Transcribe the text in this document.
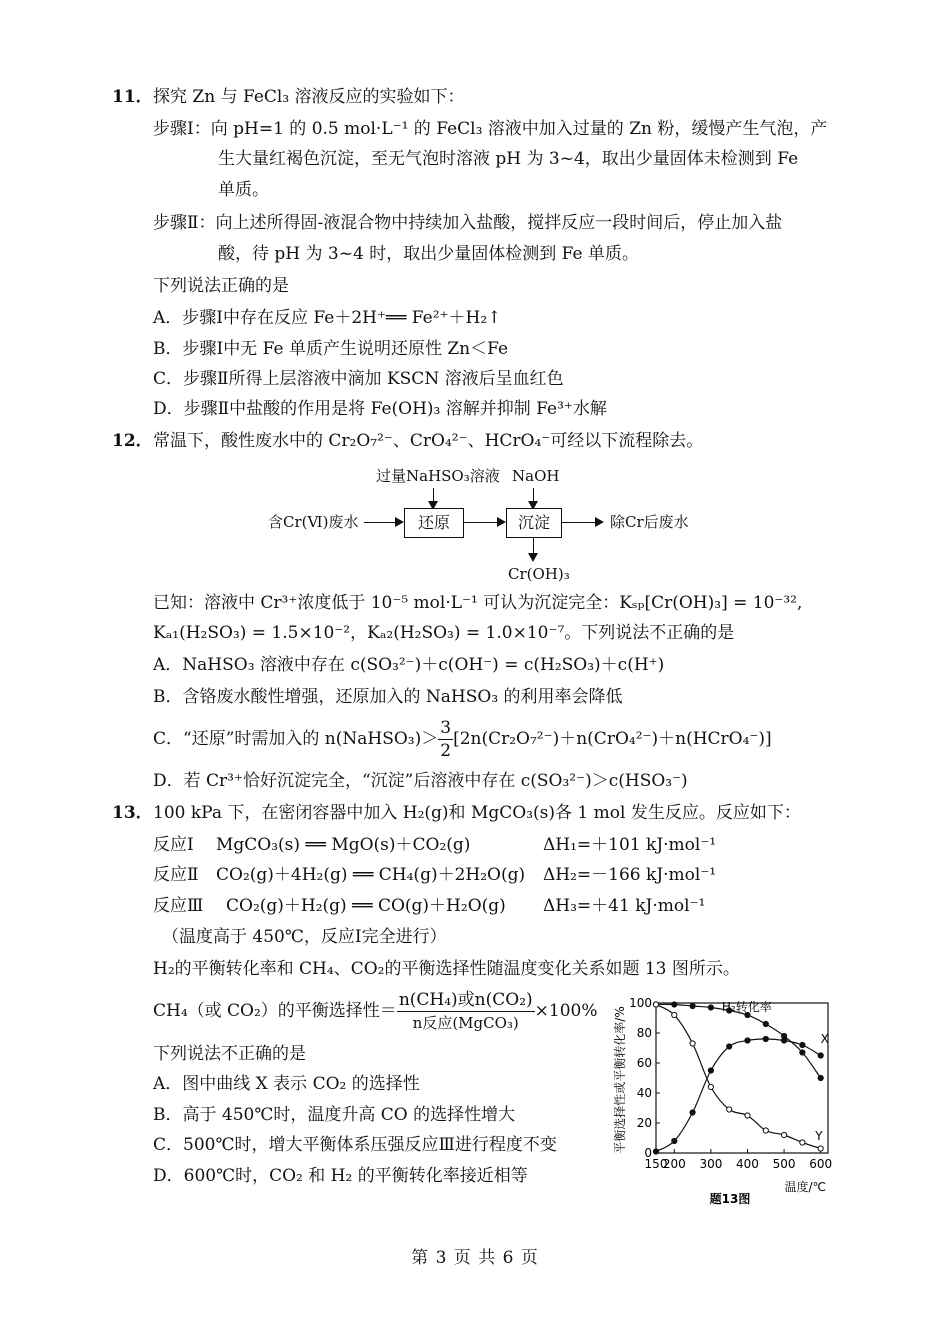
11． 探究 Zn 与 FeCl₃ 溶液反应的实验如下：
步骤Ⅰ：向 pH=1 的 0.5 mol·L⁻¹ 的 FeCl₃ 溶液中加入过量的 Zn 粉，缓慢产生气泡，产
生大量红褐色沉淀，至无气泡时溶液 pH 为 3~4，取出少量固体未检测到 Fe
单质。
步骤Ⅱ：向上述所得固-液混合物中持续加入盐酸，搅拌反应一段时间后，停止加入盐
酸，待 pH 为 3~4 时，取出少量固体检测到 Fe 单质。
下列说法正确的是
A．步骤Ⅰ中存在反应 Fe＋2H⁺══ Fe²⁺＋H₂↑
B．步骤Ⅰ中无 Fe 单质产生说明还原性 Zn＜Fe
C．步骤Ⅱ所得上层溶液中滴加 KSCN 溶液后呈血红色
D．步骤Ⅱ中盐酸的作用是将 Fe(OH)₃ 溶解并抑制 Fe³⁺水解
12． 常温下，酸性废水中的 Cr₂O₇²⁻、CrO₄²⁻、HCrO₄⁻可经以下流程除去。
过量NaHSO₃溶液 NaOH
含Cr(Ⅵ)废水	还原	沉淀	除Cr后废水
Cr(OH)₃
已知：溶液中 Cr³⁺浓度低于 10⁻⁵ mol·L⁻¹ 可认为沉淀完全：Kₛₚ[Cr(OH)₃] = 10⁻³²,
Kₐ₁(H₂SO₃) = 1.5×10⁻²，Kₐ₂(H₂SO₃) = 1.0×10⁻⁷。下列说法不正确的是
A．NaHSO₃ 溶液中存在 c(SO₃²⁻)＋c(OH⁻) = c(H₂SO₃)＋c(H⁺)
B．含铬废水酸性增强，还原加入的 NaHSO₃ 的利用率会降低
C．“还原”时需加入的 n(NaHSO₃)＞ $\frac{3}{2}$ [2n(Cr₂O₇²⁻)＋n(CrO₄²⁻)＋n(HCrO₄⁻)]
D．若 Cr³⁺恰好沉淀完全，“沉淀”后溶液中存在 c(SO₃²⁻)＞c(HSO₃⁻)
13． 100 kPa 下，在密闭容器中加入 H₂(g)和 MgCO₃(s)各 1 mol 发生反应。反应如下：
反应Ⅰ MgCO₃(s) ══ MgO(s)＋CO₂(g)	ΔH₁=＋101 kJ·mol⁻¹
反应Ⅱ CO₂(g)＋4H₂(g) ══ CH₄(g)＋2H₂O(g) ΔH₂=－166 kJ·mol⁻¹
反应Ⅲ CO₂(g)＋H₂(g) ══ CO(g)＋H₂O(g) ΔH₃=＋41 kJ·mol⁻¹
（温度高于 450℃，反应Ⅰ完全进行）
H₂的平衡转化率和 CH₄、CO₂的平衡选择性随温度变化关系如题 13 图所示。
CH₄（或 CO₂）的平衡选择性＝ $\frac{\text{n(CH₄)或n(CO₂)}}{\text{n反应(MgCO₃)}} \times 100\%$
下列说法不正确的是
A．图中曲线 X 表示 CO₂ 的选择性
B．高于 450℃时，温度升高 CO 的选择性增大
C．500℃时，增大平衡体系压强反应Ⅲ进行程度不变
D．600℃时，CO₂ 和 H₂ 的平衡转化率接近相等
0
20
40
60
80
100
150
200 300 400 500 600
平衡选择性或平衡转化率/%
温度/℃
题13图
H₂转化率
X
Y
第 3 页 共 6 页
